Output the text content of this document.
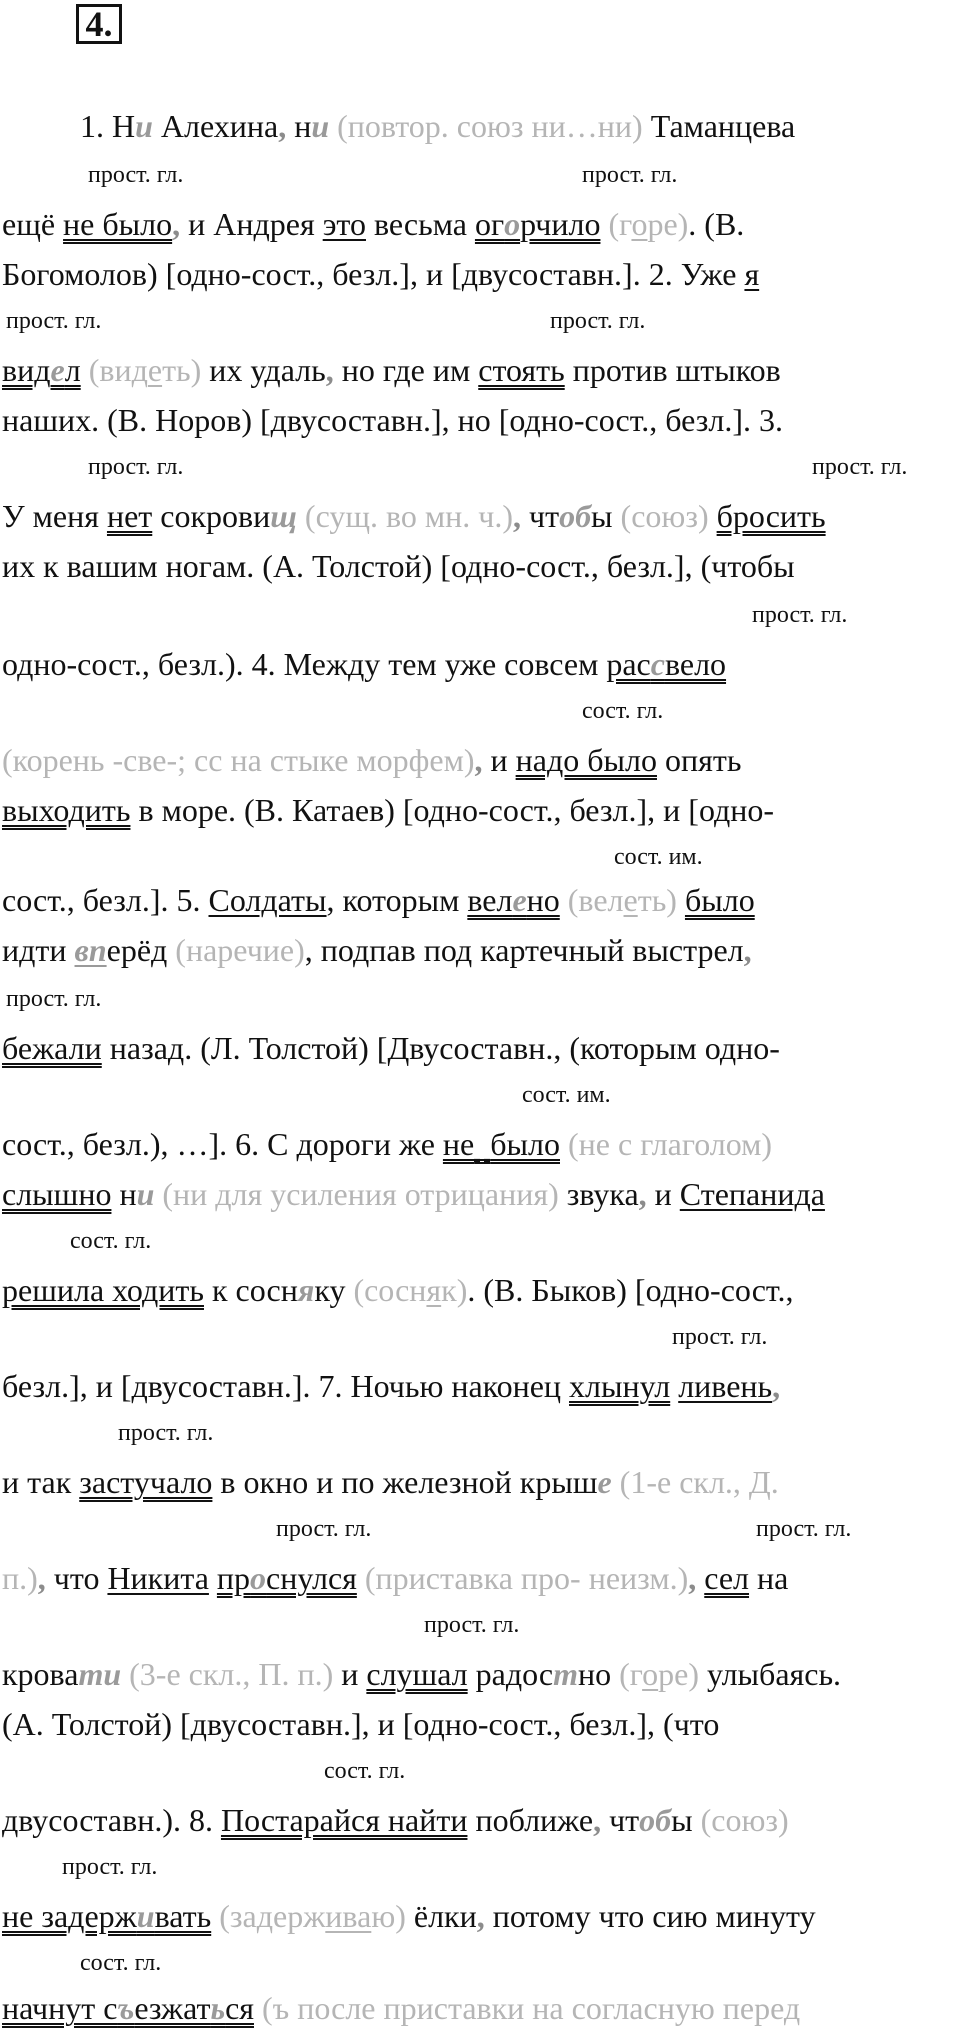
4.
прост. гл.	прост. гл.
1. Ни Алехина, ни (повтор. союз ни…ни) Таманцева
ещё не было, и Андрея это весьма огорчило (горе). (В.
Богомолов) [одно-сост., безл.], и [двусоставн.]. 2. Уже я
прост. гл.	прост. гл.
видел (видеть) их удаль, но где им стоять против штыков
наших. (В. Норов) [двусоставн.], но [одно-сост., безл.]. 3.
прост. гл.	прост. гл.
У меня нет сокровищ (сущ. во мн. ч.), чтобы (союз) бросить
их к вашим ногам. (А. Толстой) [одно-сост., безл.], (чтобы
прост. гл.
одно-сост., безл.). 4. Между тем уже совсем рассвело
сост. гл.
(корень -све-; сс на стыке морфем), и надо было опять
выходить в море. (В. Катаев) [одно-сост., безл.], и [одно-
сост. им.
сост., безл.]. 5. Солдаты, которым велено (велеть) было
идти вперёд (наречие), подпав под картечный выстрел,
прост. гл.
бежали назад. (Л. Толстой) [Двусоставн., (которым одно-
сост. им.
сост., безл.), …]. 6. С дороги же не было (не с глаголом)
слышно ни (ни для усиления отрицания) звука, и Степанида
сост. гл.
решила ходить к сосняку (сосняк). (В. Быков) [одно-сост.,
прост. гл.
безл.], и [двусоставн.]. 7. Ночью наконец хлынул ливень,
прост. гл.
и так застучало в окно и по железной крыше (1-е скл., Д.
прост. гл.	прост. гл.
п.), что Никита проснулся (приставка про- неизм.), сел на
прост. гл.
кровати (3-е скл., П. п.) и слушал радостно (горе) улыбаясь.
(А. Толстой) [двусоставн.], и [одно-сост., безл.], (что
сост. гл.
двусоставн.). 8. Постарайся найти поближе, чтобы (союз)
прост. гл.
не задерживать (задерживаю) ёлки, потому что сию минуту
сост. гл.
начнут съезжаться (ъ после приставки на согласную перед
